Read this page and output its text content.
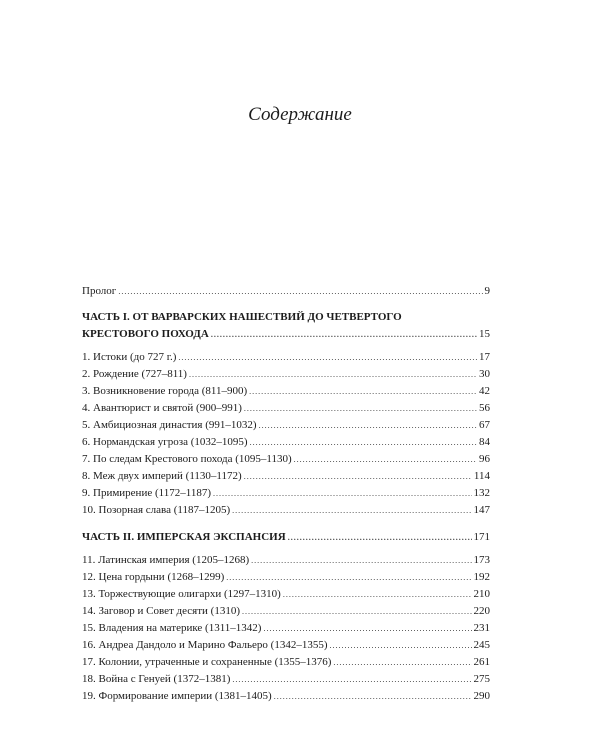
Содержание
Пролог . . .	9
ЧАСТЬ I. ОТ ВАРВАРСКИХ НАШЕСТВИЙ ДО ЧЕТВЕРТОГО
КРЕСТОВОГО ПОХОДА . . .	15
1. Истоки (до 727 г.) . . .	17
2. Рождение (727–811) . . .	30
3. Возникновение города (811–900) . . .	42
4. Авантюрист и святой (900–991) . . .	56
5. Амбициозная династия (991–1032) . . .	67
6. Нормандская угроза (1032–1095) . . .	84
7. По следам Крестового похода (1095–1130) . . .	96
8. Меж двух империй (1130–1172) . . .	114
9. Примирение (1172–1187) . . .	132
10. Позорная слава (1187–1205) . . .	147
ЧАСТЬ II. ИМПЕРСКАЯ ЭКСПАНСИЯ . . .	171
11. Латинская империя (1205–1268) . . .	173
12. Цена гордыни (1268–1299) . . .	192
13. Торжествующие олигархи (1297–1310) . . .	210
14. Заговор и Совет десяти (1310) . . .	220
15. Владения на материке (1311–1342) . . .	231
16. Андреа Дандоло и Марино Фальеро (1342–1355) . . .	245
17. Колонии, утраченные и сохраненные (1355–1376) . . .	261
18. Война с Генуей (1372–1381) . . .	275
19. Формирование империи (1381–1405) . . .	290
